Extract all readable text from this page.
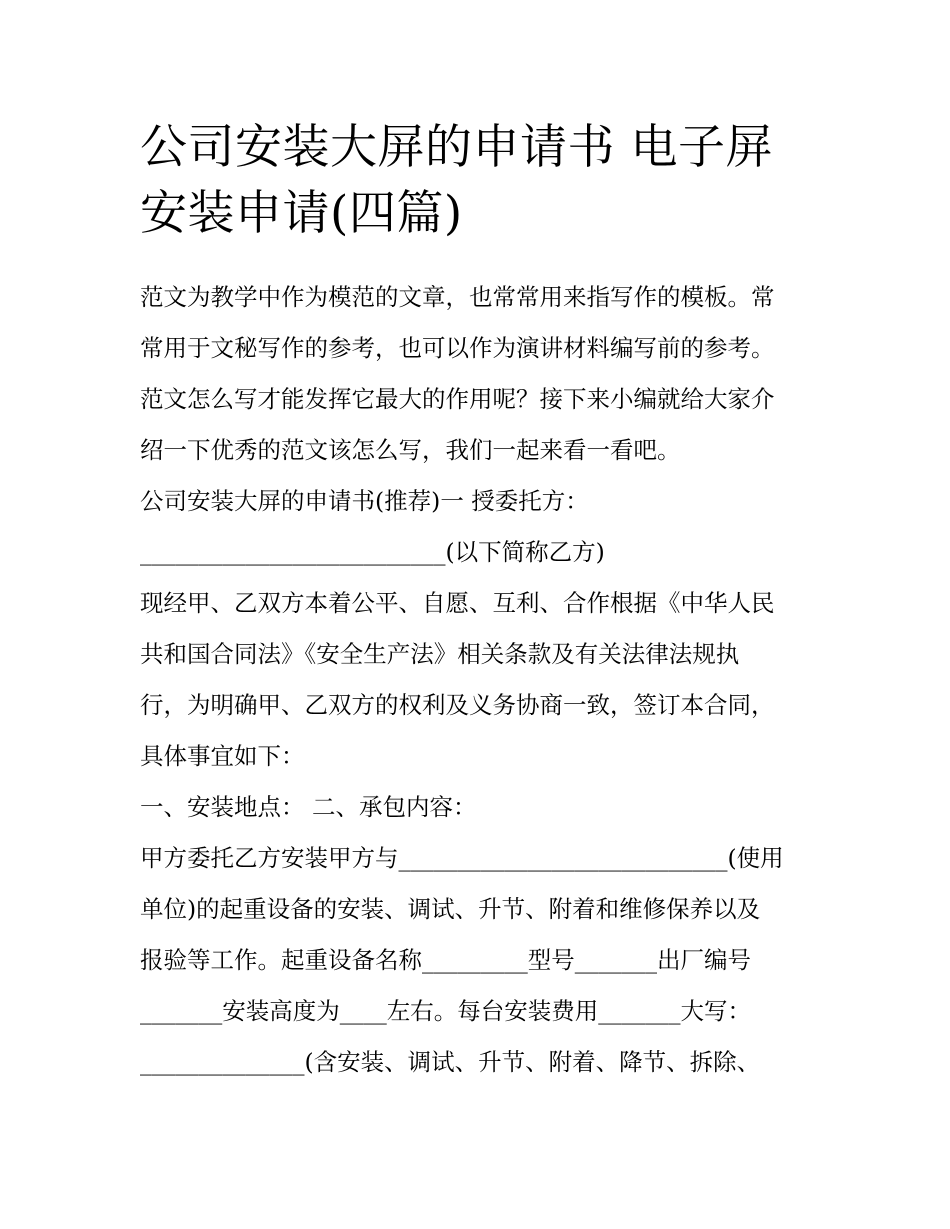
公司安装大屏的申请书 电子屏
安装申请(四篇)
范文为教学中作为模范的文章，也常常用来指写作的模板。常
常用于文秘写作的参考，也可以作为演讲材料编写前的参考。
范文怎么写才能发挥它最大的作用呢？接下来小编就给大家介
绍一下优秀的范文该怎么写，我们一起来看一看吧。
公司安装大屏的申请书(推荐)一 授委托方：
__________________________(以下简称乙方)
现经甲、乙双方本着公平、自愿、互利、合作根据《中华人民
共和国合同法》《安全生产法》相关条款及有关法律法规执
行，为明确甲、乙双方的权利及义务协商一致，签订本合同，
具体事宜如下：
一、安装地点： 二、承包内容：
甲方委托乙方安装甲方与____________________________(使用
单位)的起重设备的安装、调试、升节、附着和维修保养以及
报验等工作。起重设备名称_________型号_______出厂编号
_______安装高度为____左右。每台安装费用_______大写：
______________(含安装、调试、升节、附着、降节、拆除、
